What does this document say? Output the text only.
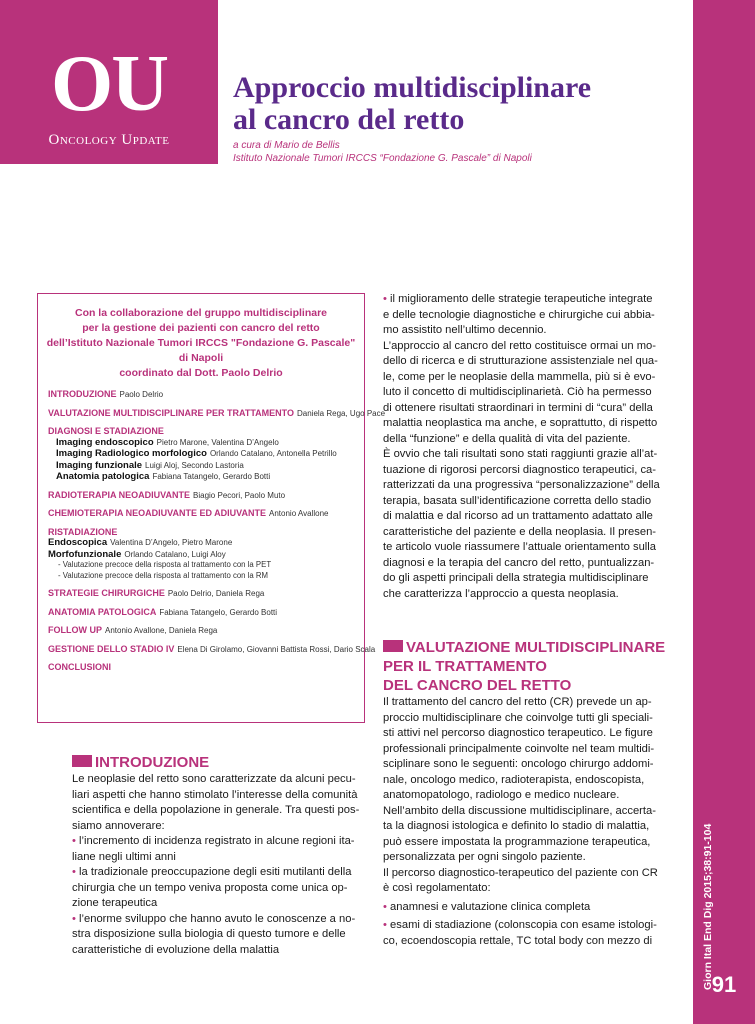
OU
Oncology Update
Giorn Ital End Dig 2015;38:91-104
91
Approccio multidisciplinare
al cancro del retto
a cura di Mario de Bellis
Istituto Nazionale Tumori IRCCS “Fondazione G. Pascale” di Napoli
Con la collaborazione del gruppo multidisciplinare
per la gestione dei pazienti con cancro del retto
dell’Istituto Nazionale Tumori IRCCS "Fondazione G. Pascale" di Napoli
coordinato dal Dott. Paolo Delrio
INTRODUZIONE Paolo Delrio
VALUTAZIONE MULTIDISCIPLINARE PER TRATTAMENTO Daniela Rega, Ugo Pace
DIAGNOSI E STADIAZIONE
Imaging endoscopico Pietro Marone, Valentina D’Angelo
Imaging Radiologico morfologico Orlando Catalano, Antonella Petrillo
Imaging funzionale Luigi Aloj, Secondo Lastoria
Anatomia patologica Fabiana Tatangelo, Gerardo Botti
RADIOTERAPIA NEOADIUVANTE Biagio Pecori, Paolo Muto
CHEMIOTERAPIA NEOADIUVANTE ED ADIUVANTE Antonio Avallone
RISTADIAZIONE
Endoscopica Valentina D’Angelo, Pietro Marone
Morfofunzionale Orlando Catalano, Luigi Aloy
- Valutazione precoce della risposta al trattamento con la PET
- Valutazione precoce della risposta al trattamento con la RM
STRATEGIE CHIRURGICHE Paolo Delrio, Daniela Rega
ANATOMIA PATOLOGICA Fabiana Tatangelo, Gerardo Botti
FOLLOW UP Antonio Avallone, Daniela Rega
GESTIONE DELLO STADIO IV Elena Di Girolamo, Giovanni Battista Rossi, Dario Scala
CONCLUSIONI
INTRODUZIONE

Le neoplasie del retto sono caratterizzate da alcuni pecu-

liari aspetti che hanno stimolato l’interesse della comunità

scientifica e della popolazione in generale. Tra questi pos-

siamo annoverare:

• l’incremento di incidenza registrato in alcune regioni ita-

liane negli ultimi anni

• la tradizionale preoccupazione degli esiti mutilanti della

chirurgia che un tempo veniva proposta come unica op-

zione terapeutica

• l’enorme sviluppo che hanno avuto le conoscenze a no-

stra disposizione sulla biologia di questo tumore e delle

caratteristiche di evoluzione della malattia

• il miglioramento delle strategie terapeutiche integrate

e delle tecnologie diagnostiche e chirurgiche cui abbia-

mo assistito nell’ultimo decennio.

L’approccio al cancro del retto costituisce ormai un mo-

dello di ricerca e di strutturazione assistenziale nel qua-

le, come per le neoplasie della mammella, più si è evo-

luto il concetto di multidisciplinarietà. Ciò ha permesso

di ottenere risultati straordinari in termini di “cura” della

malattia neoplastica ma anche, e soprattutto, di rispetto

della “funzione” e della qualità di vita del paziente.

È ovvio che tali risultati sono stati raggiunti grazie all’at-

tuazione di rigorosi percorsi diagnostico terapeutici, ca-

ratterizzati da una progressiva “personalizzazione” della

terapia, basata sull’identificazione corretta dello stadio

di malattia e dal ricorso ad un trattamento adattato alle

caratteristiche del paziente e della neoplasia. Il presen-

te articolo vuole riassumere l’attuale orientamento sulla

diagnosi e la terapia del cancro del retto, puntualizzan-

do gli aspetti principali della strategia multidisciplinare

che caratterizza l’approccio a questa neoplasia.

VALUTAZIONE MULTIDISCIPLINARE
PER IL TRATTAMENTO
DEL CANCRO DEL RETTO

Il trattamento del cancro del retto (CR) prevede un ap-

proccio multidisciplinare che coinvolge tutti gli speciali-

sti attivi nel percorso diagnostico terapeutico. Le figure

professionali principalmente coinvolte nel team multidi-

sciplinare sono le seguenti: oncologo chirurgo addomi-

nale, oncologo medico, radioterapista, endoscopista,

anatomopatologo, radiologo e medico nucleare.

Nell’ambito della discussione multidisciplinare, accerta-

ta la diagnosi istologica e definito lo stadio di malattia,

può essere impostata la programmazione terapeutica,

personalizzata per ogni singolo paziente.

Il percorso diagnostico-terapeutico del paziente con CR

è così regolamentato:

• anamnesi e valutazione clinica completa

• esami di stadiazione (colonscopia con esame istologi-

co, ecoendoscopia rettale, TC total body con mezzo di
